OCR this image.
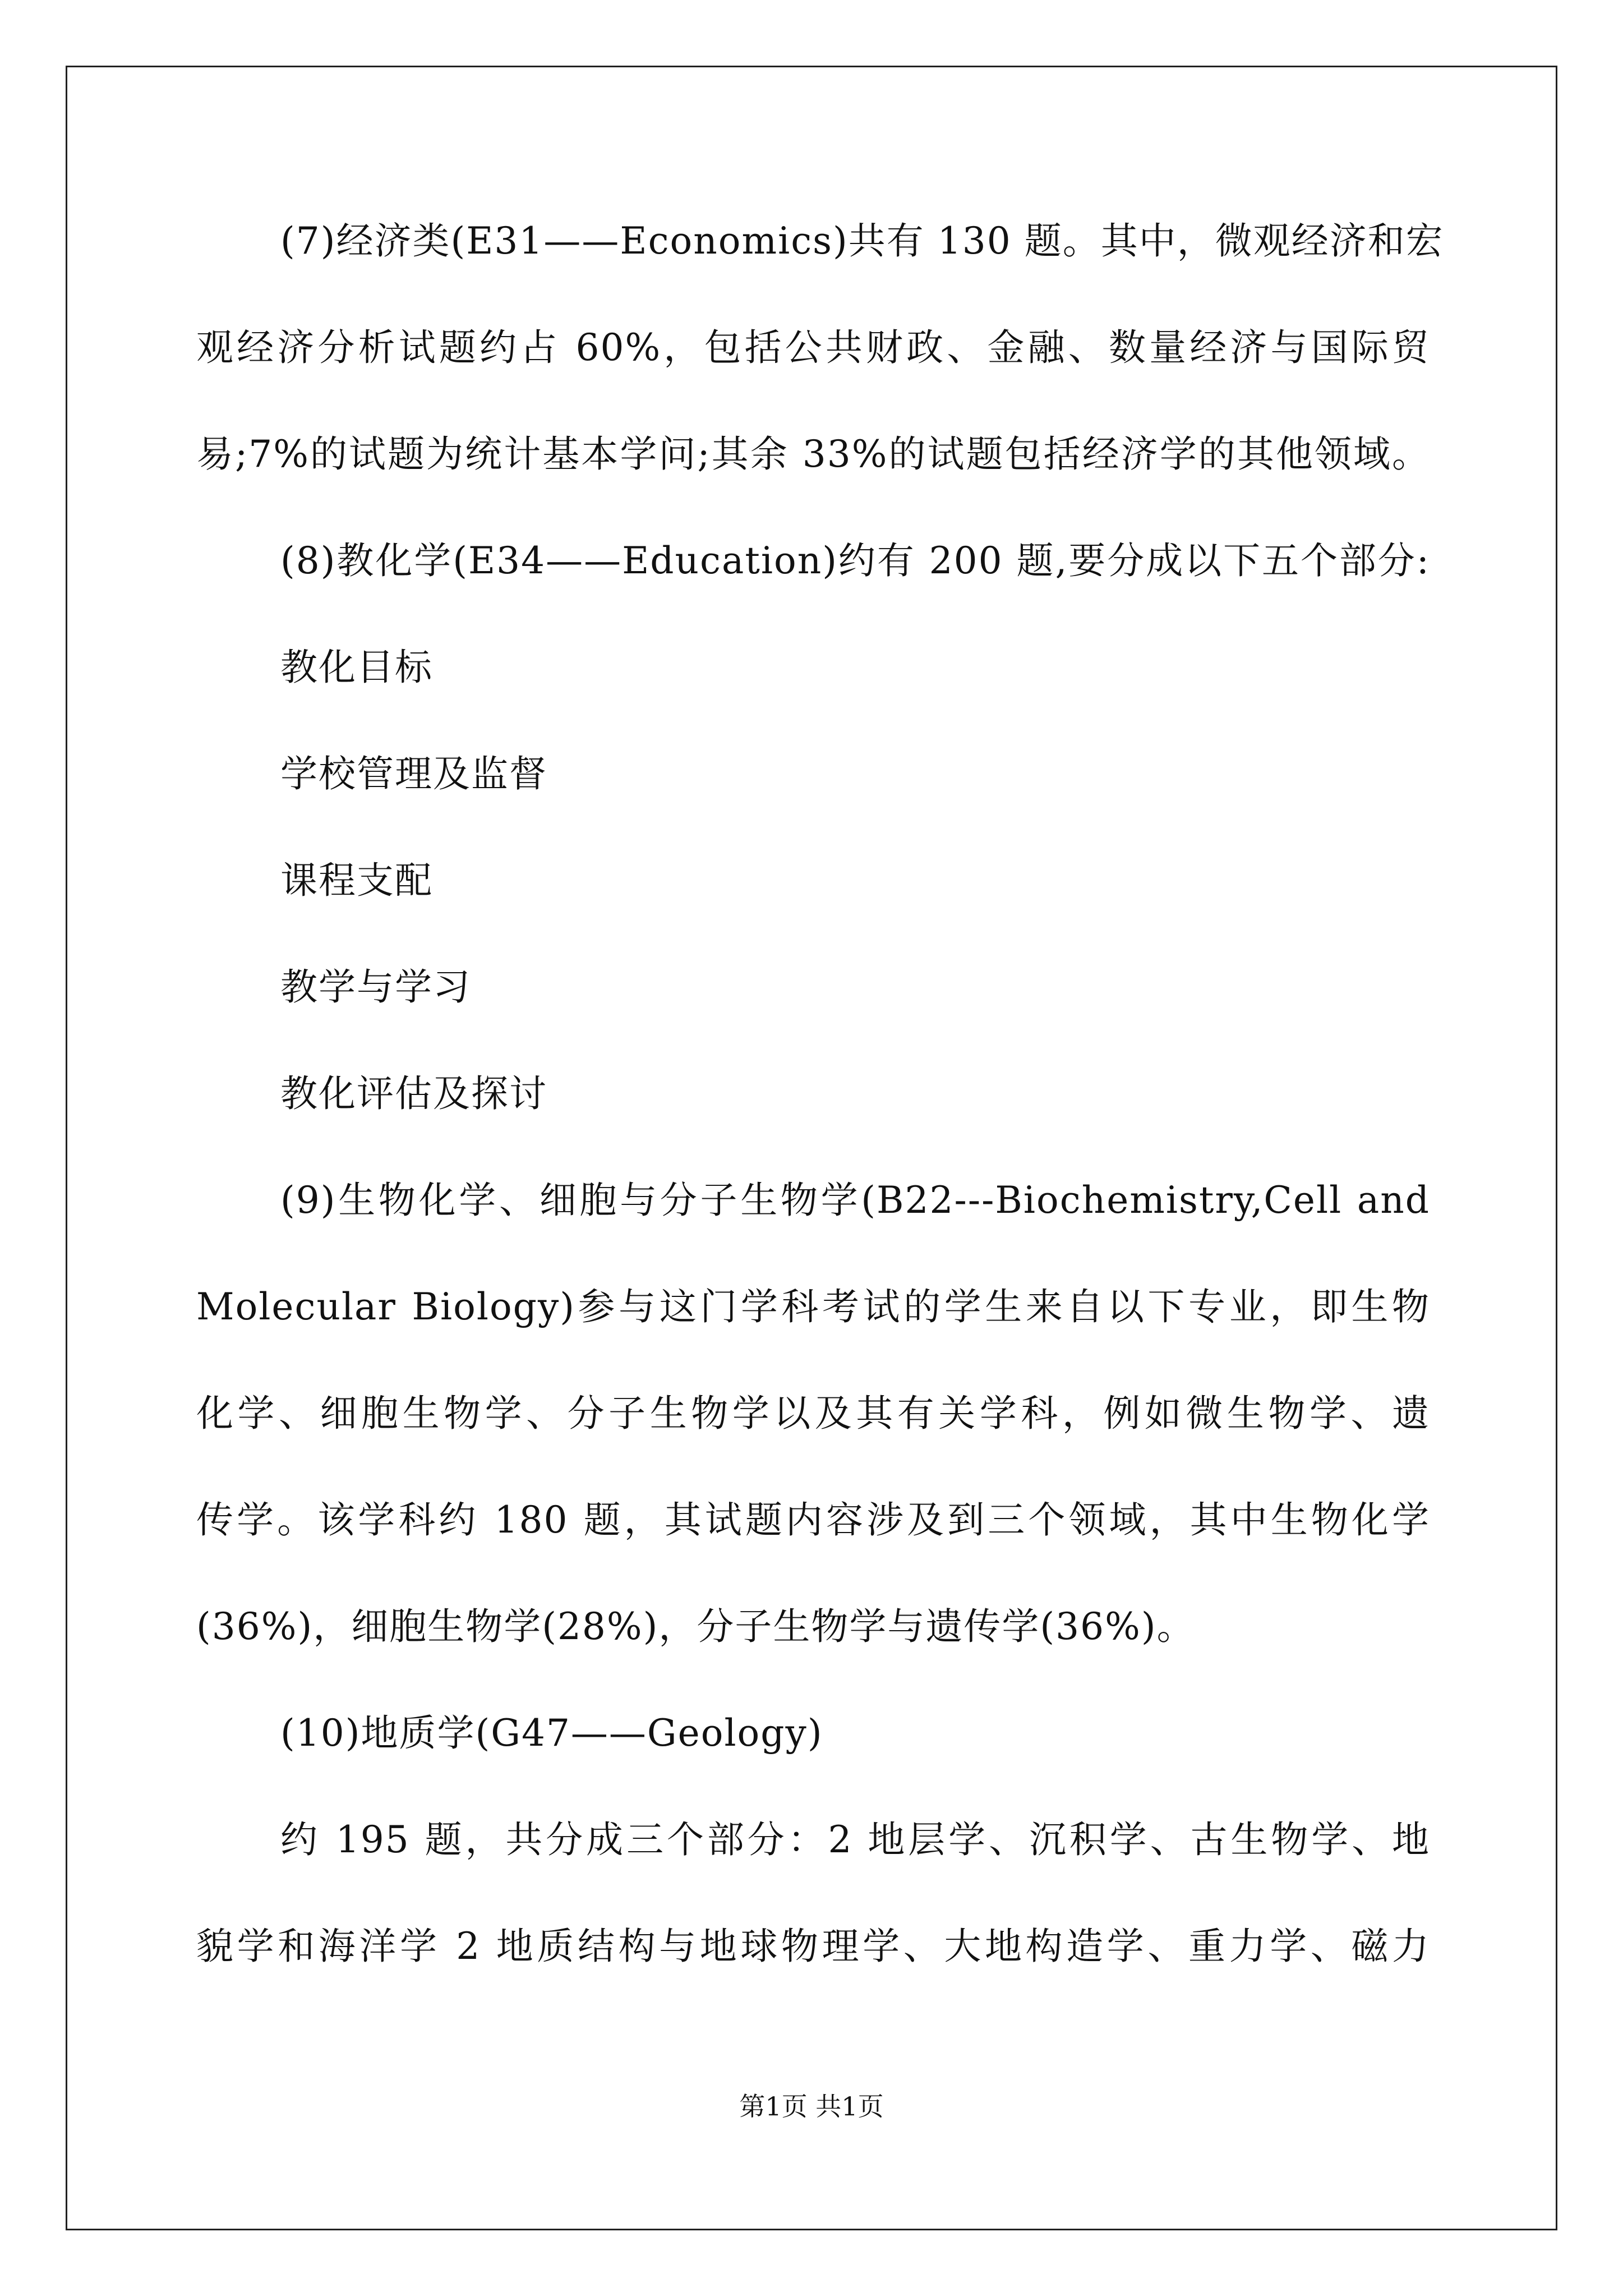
(7)经济类(E31——Economics)共有 130 题。其中，微观经济和宏
观经济分析试题约占 60%，包括公共财政、金融、数量经济与国际贸
易;7%的试题为统计基本学问;其余 33%的试题包括经济学的其他领域。
(8)教化学(E34——Education)约有 200 题,要分成以下五个部分:
教化目标
学校管理及监督
课程支配
教学与学习
教化评估及探讨
(9)生物化学、细胞与分子生物学(B22---Biochemistry,Cell and
Molecular Biology)参与这门学科考试的学生来自以下专业，即生物
化学、细胞生物学、分子生物学以及其有关学科，例如微生物学、遗
传学。该学科约 180 题，其试题内容涉及到三个领域，其中生物化学
(36%)，细胞生物学(28%)，分子生物学与遗传学(36%)。
(10)地质学(G47——Geology)
约 195 题，共分成三个部分：2 地层学、沉积学、古生物学、地
貌学和海洋学 2 地质结构与地球物理学、大地构造学、重力学、磁力
第1页 共1页
